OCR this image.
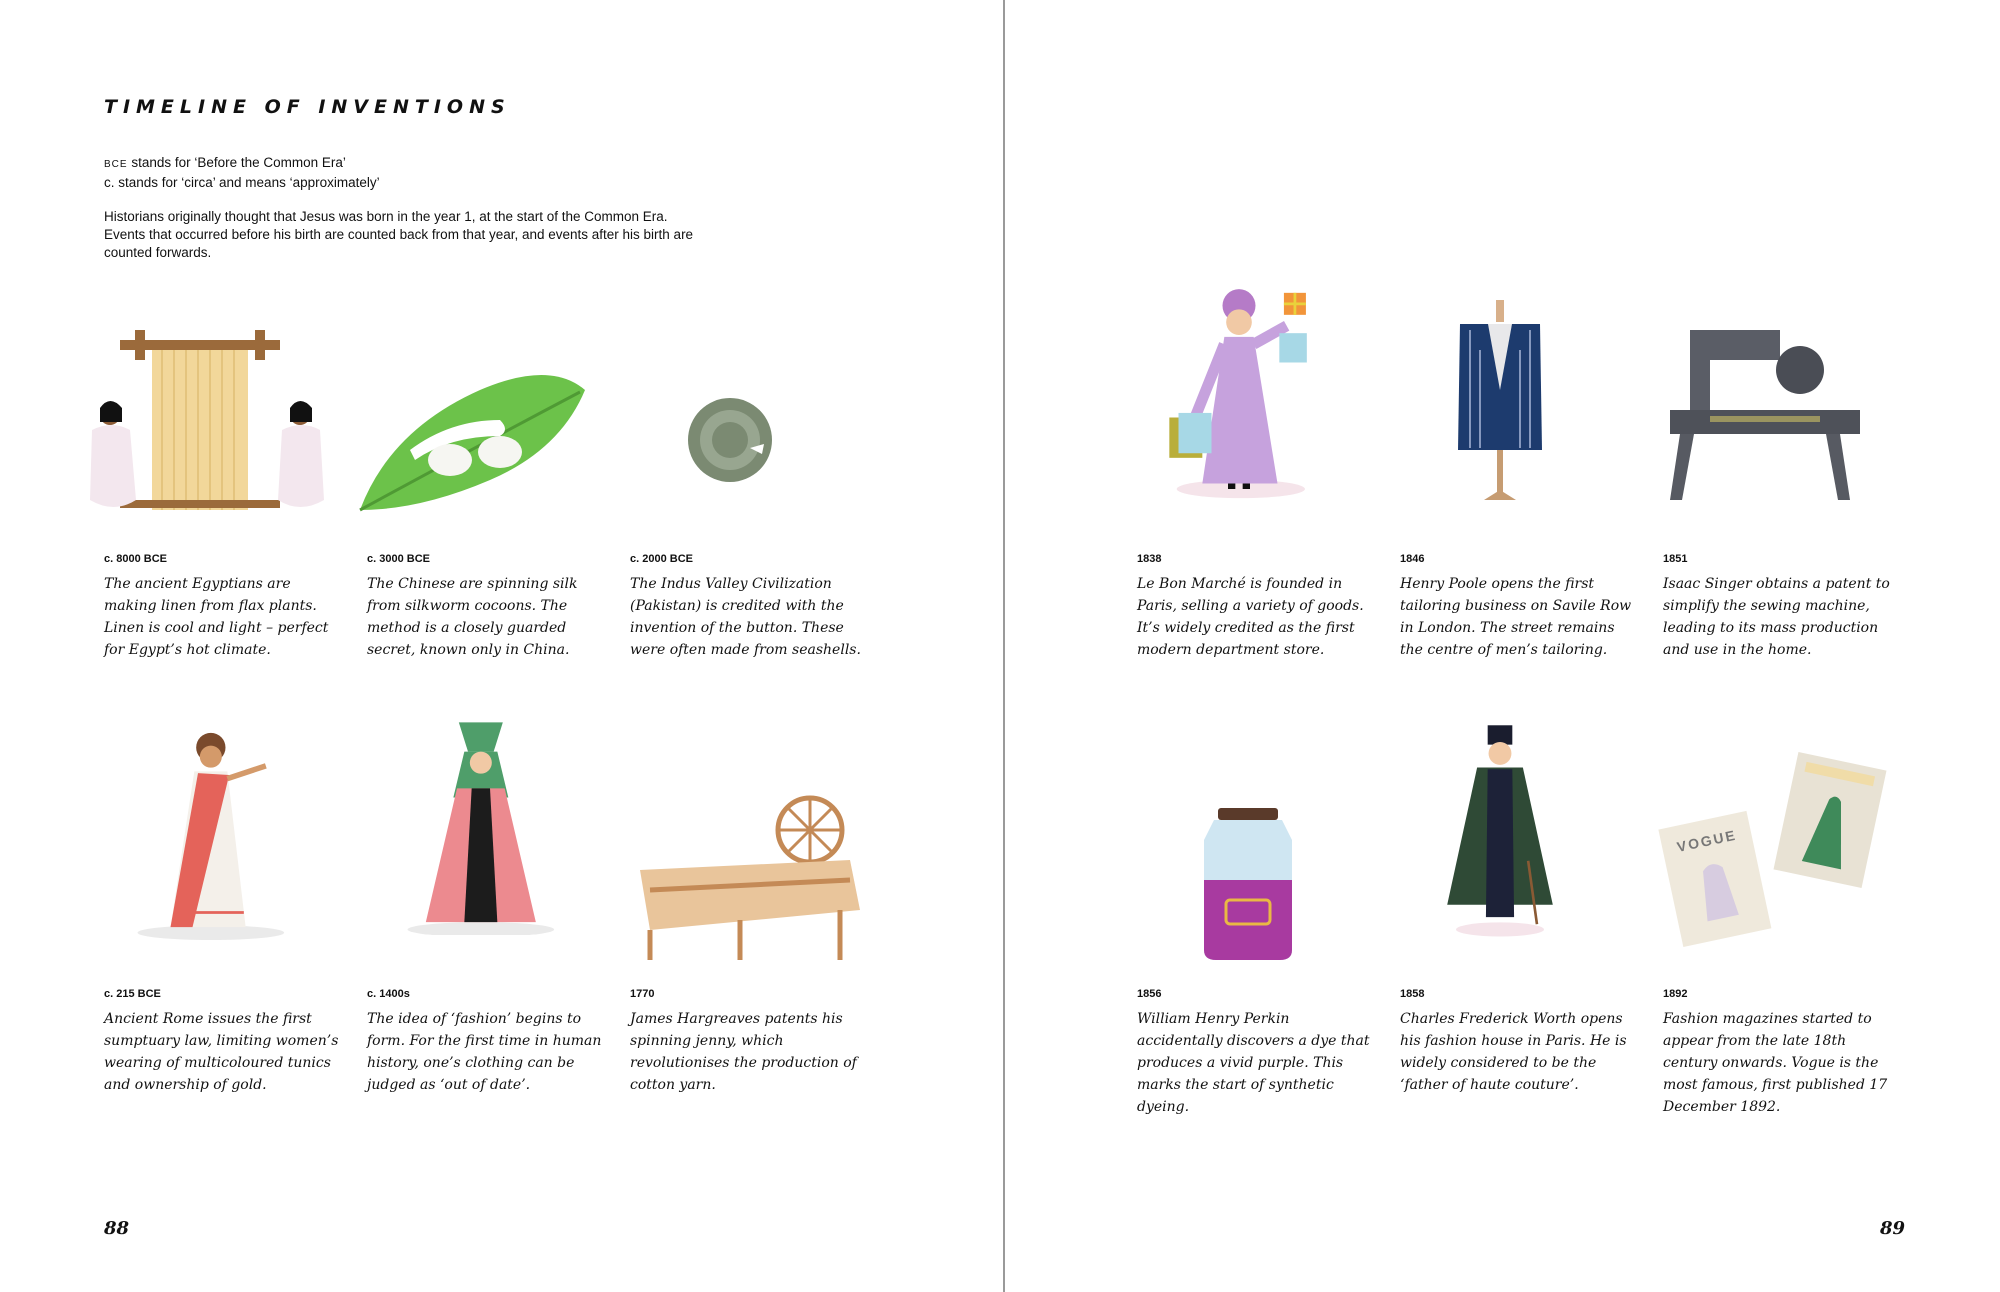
TIMELINE OF INVENTIONS
BCE stands for ‘Before the Common Era’
c. stands for ‘circa’ and means ‘approximately’
Historians originally thought that Jesus was born in the year 1, at the start of the Common Era. Events that occurred before his birth are counted back from that year, and events after his birth are counted forwards.
c. 8000 BCE
The ancient Egyptians are making linen from flax plants. Linen is cool and light – perfect for Egypt’s hot climate.
c. 3000 BCE
The Chinese are spinning silk from silkworm cocoons. The method is a closely guarded secret, known only in China.
c. 2000 BCE
The Indus Valley Civilization (Pakistan) is credited with the invention of the button. These were often made from seashells.
1838
Le Bon Marché is founded in Paris, selling a variety of goods. It’s widely credited as the first modern department store.
1846
Henry Poole opens the first tailoring business on Savile Row in London. The street remains the centre of men’s tailoring.
1851
Isaac Singer obtains a patent to simplify the sewing machine, leading to its mass production and use in the home.
c. 215 BCE
Ancient Rome issues the first sumptuary law, limiting women’s wearing of multicoloured tunics and ownership of gold.
c. 1400s
The idea of ‘fashion’ begins to form. For the first time in human history, one’s clothing can be judged as ‘out of date’.
1770
James Hargreaves patents his spinning jenny, which revolutionises the production of cotton yarn.
1856
William Henry Perkin accidentally discovers a dye that produces a vivid purple. This marks the start of synthetic dyeing.
1858
Charles Frederick Worth opens his fashion house in Paris. He is widely considered to be the ‘father of haute couture’.
VOGUE
1892
Fashion magazines started to appear from the late 18th century onwards. Vogue is the most famous, first published 17 December 1892.
88	89
